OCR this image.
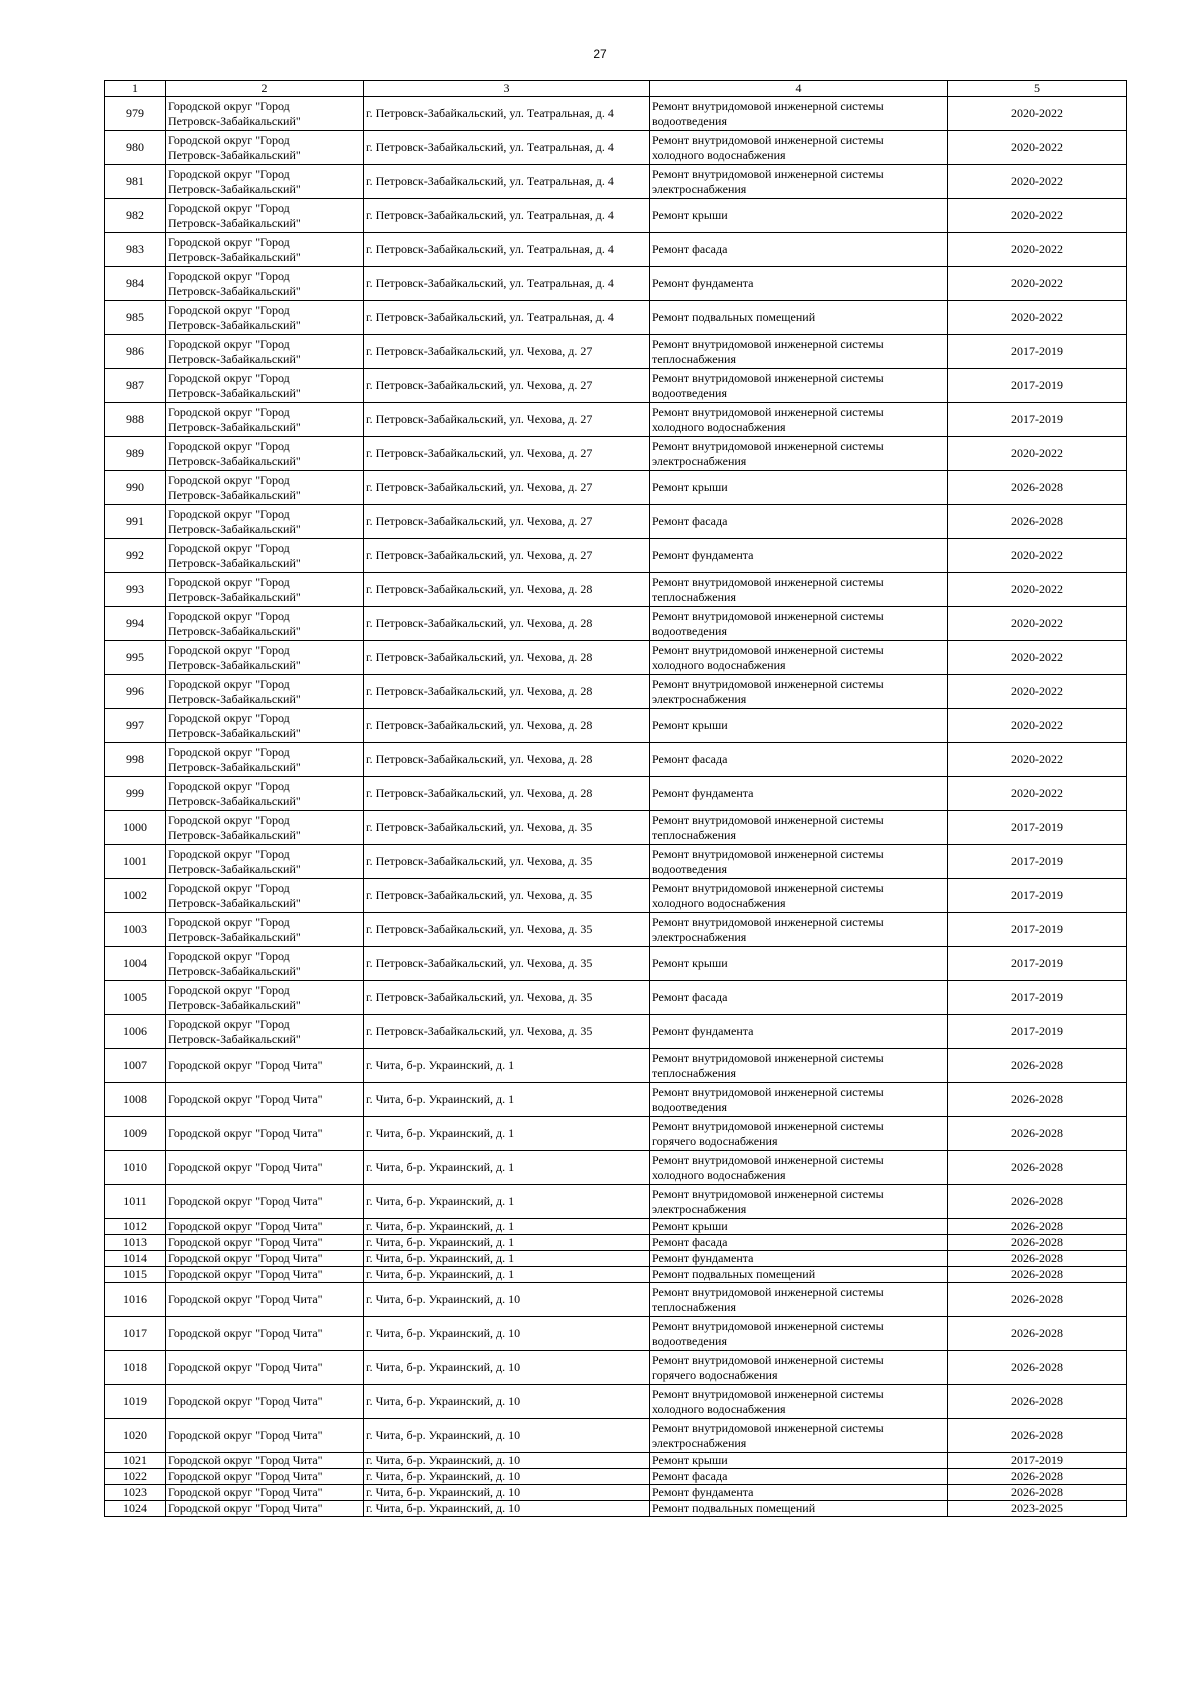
27
1	2	3	4	5
979	Городской округ "Город
Петровск-Забайкальский"	г. Петровск-Забайкальский, ул. Театральная, д. 4	Ремонт внутридомовой инженерной системы
водоотведения	2020-2022
980	Городской округ "Город
Петровск-Забайкальский"	г. Петровск-Забайкальский, ул. Театральная, д. 4	Ремонт внутридомовой инженерной системы
холодного водоснабжения	2020-2022
981	Городской округ "Город
Петровск-Забайкальский"	г. Петровск-Забайкальский, ул. Театральная, д. 4	Ремонт внутридомовой инженерной системы
электроснабжения	2020-2022
982	Городской округ "Город
Петровск-Забайкальский"	г. Петровск-Забайкальский, ул. Театральная, д. 4	Ремонт крыши	2020-2022
983	Городской округ "Город
Петровск-Забайкальский"	г. Петровск-Забайкальский, ул. Театральная, д. 4	Ремонт фасада	2020-2022
984	Городской округ "Город
Петровск-Забайкальский"	г. Петровск-Забайкальский, ул. Театральная, д. 4	Ремонт фундамента	2020-2022
985	Городской округ "Город
Петровск-Забайкальский"	г. Петровск-Забайкальский, ул. Театральная, д. 4	Ремонт подвальных помещений	2020-2022
986	Городской округ "Город
Петровск-Забайкальский"	г. Петровск-Забайкальский, ул. Чехова, д. 27	Ремонт внутридомовой инженерной системы
теплоснабжения	2017-2019
987	Городской округ "Город
Петровск-Забайкальский"	г. Петровск-Забайкальский, ул. Чехова, д. 27	Ремонт внутридомовой инженерной системы
водоотведения	2017-2019
988	Городской округ "Город
Петровск-Забайкальский"	г. Петровск-Забайкальский, ул. Чехова, д. 27	Ремонт внутридомовой инженерной системы
холодного водоснабжения	2017-2019
989	Городской округ "Город
Петровск-Забайкальский"	г. Петровск-Забайкальский, ул. Чехова, д. 27	Ремонт внутридомовой инженерной системы
электроснабжения	2020-2022
990	Городской округ "Город
Петровск-Забайкальский"	г. Петровск-Забайкальский, ул. Чехова, д. 27	Ремонт крыши	2026-2028
991	Городской округ "Город
Петровск-Забайкальский"	г. Петровск-Забайкальский, ул. Чехова, д. 27	Ремонт фасада	2026-2028
992	Городской округ "Город
Петровск-Забайкальский"	г. Петровск-Забайкальский, ул. Чехова, д. 27	Ремонт фундамента	2020-2022
993	Городской округ "Город
Петровск-Забайкальский"	г. Петровск-Забайкальский, ул. Чехова, д. 28	Ремонт внутридомовой инженерной системы
теплоснабжения	2020-2022
994	Городской округ "Город
Петровск-Забайкальский"	г. Петровск-Забайкальский, ул. Чехова, д. 28	Ремонт внутридомовой инженерной системы
водоотведения	2020-2022
995	Городской округ "Город
Петровск-Забайкальский"	г. Петровск-Забайкальский, ул. Чехова, д. 28	Ремонт внутридомовой инженерной системы
холодного водоснабжения	2020-2022
996	Городской округ "Город
Петровск-Забайкальский"	г. Петровск-Забайкальский, ул. Чехова, д. 28	Ремонт внутридомовой инженерной системы
электроснабжения	2020-2022
997	Городской округ "Город
Петровск-Забайкальский"	г. Петровск-Забайкальский, ул. Чехова, д. 28	Ремонт крыши	2020-2022
998	Городской округ "Город
Петровск-Забайкальский"	г. Петровск-Забайкальский, ул. Чехова, д. 28	Ремонт фасада	2020-2022
999	Городской округ "Город
Петровск-Забайкальский"	г. Петровск-Забайкальский, ул. Чехова, д. 28	Ремонт фундамента	2020-2022
1000	Городской округ "Город
Петровск-Забайкальский"	г. Петровск-Забайкальский, ул. Чехова, д. 35	Ремонт внутридомовой инженерной системы
теплоснабжения	2017-2019
1001	Городской округ "Город
Петровск-Забайкальский"	г. Петровск-Забайкальский, ул. Чехова, д. 35	Ремонт внутридомовой инженерной системы
водоотведения	2017-2019
1002	Городской округ "Город
Петровск-Забайкальский"	г. Петровск-Забайкальский, ул. Чехова, д. 35	Ремонт внутридомовой инженерной системы
холодного водоснабжения	2017-2019
1003	Городской округ "Город
Петровск-Забайкальский"	г. Петровск-Забайкальский, ул. Чехова, д. 35	Ремонт внутридомовой инженерной системы
электроснабжения	2017-2019
1004	Городской округ "Город
Петровск-Забайкальский"	г. Петровск-Забайкальский, ул. Чехова, д. 35	Ремонт крыши	2017-2019
1005	Городской округ "Город
Петровск-Забайкальский"	г. Петровск-Забайкальский, ул. Чехова, д. 35	Ремонт фасада	2017-2019
1006	Городской округ "Город
Петровск-Забайкальский"	г. Петровск-Забайкальский, ул. Чехова, д. 35	Ремонт фундамента	2017-2019
1007	Городской округ "Город Чита"	г. Чита, б-р. Украинский, д. 1	Ремонт внутридомовой инженерной системы
теплоснабжения	2026-2028
1008	Городской округ "Город Чита"	г. Чита, б-р. Украинский, д. 1	Ремонт внутридомовой инженерной системы
водоотведения	2026-2028
1009	Городской округ "Город Чита"	г. Чита, б-р. Украинский, д. 1	Ремонт внутридомовой инженерной системы
горячего водоснабжения	2026-2028
1010	Городской округ "Город Чита"	г. Чита, б-р. Украинский, д. 1	Ремонт внутридомовой инженерной системы
холодного водоснабжения	2026-2028
1011	Городской округ "Город Чита"	г. Чита, б-р. Украинский, д. 1	Ремонт внутридомовой инженерной системы
электроснабжения	2026-2028
1012	Городской округ "Город Чита"	г. Чита, б-р. Украинский, д. 1	Ремонт крыши	2026-2028
1013	Городской округ "Город Чита"	г. Чита, б-р. Украинский, д. 1	Ремонт фасада	2026-2028
1014	Городской округ "Город Чита"	г. Чита, б-р. Украинский, д. 1	Ремонт фундамента	2026-2028
1015	Городской округ "Город Чита"	г. Чита, б-р. Украинский, д. 1	Ремонт подвальных помещений	2026-2028
1016	Городской округ "Город Чита"	г. Чита, б-р. Украинский, д. 10	Ремонт внутридомовой инженерной системы
теплоснабжения	2026-2028
1017	Городской округ "Город Чита"	г. Чита, б-р. Украинский, д. 10	Ремонт внутридомовой инженерной системы
водоотведения	2026-2028
1018	Городской округ "Город Чита"	г. Чита, б-р. Украинский, д. 10	Ремонт внутридомовой инженерной системы
горячего водоснабжения	2026-2028
1019	Городской округ "Город Чита"	г. Чита, б-р. Украинский, д. 10	Ремонт внутридомовой инженерной системы
холодного водоснабжения	2026-2028
1020	Городской округ "Город Чита"	г. Чита, б-р. Украинский, д. 10	Ремонт внутридомовой инженерной системы
электроснабжения	2026-2028
1021	Городской округ "Город Чита"	г. Чита, б-р. Украинский, д. 10	Ремонт крыши	2017-2019
1022	Городской округ "Город Чита"	г. Чита, б-р. Украинский, д. 10	Ремонт фасада	2026-2028
1023	Городской округ "Город Чита"	г. Чита, б-р. Украинский, д. 10	Ремонт фундамента	2026-2028
1024	Городской округ "Город Чита"	г. Чита, б-р. Украинский, д. 10	Ремонт подвальных помещений	2023-2025
